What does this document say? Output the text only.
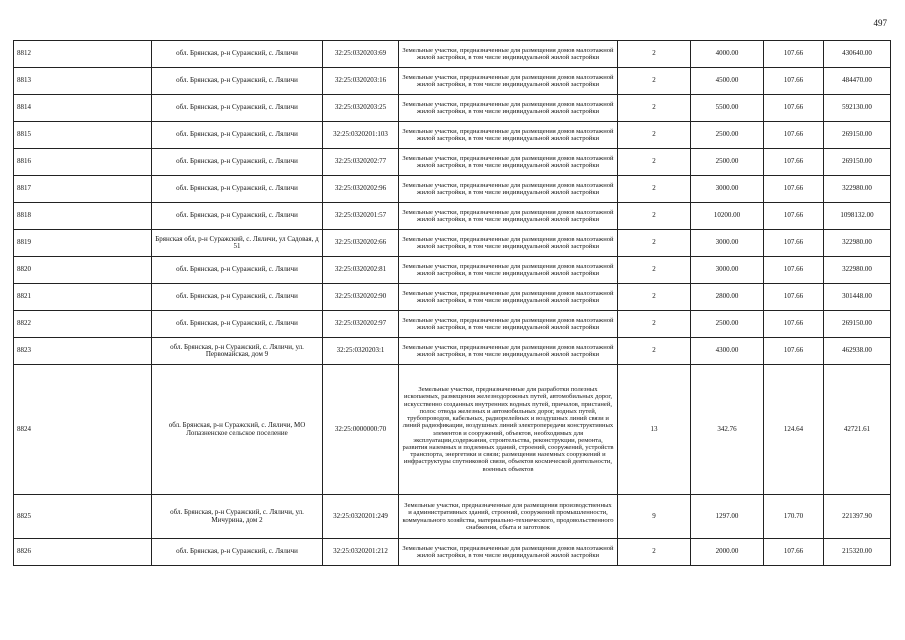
497
8812	обл. Брянская, р-н Суражский, с. Ляличи	32:25:0320203:69	Земельные участки, предназначенные для размещения домов малоэтажной жилой застройки, в том числе индивидуальной жилой застройки	2	4000.00	107.66	430640.00
8813	обл. Брянская, р-н Суражский, с. Ляличи	32:25:0320203:16	Земельные участки, предназначенные для размещения домов малоэтажной жилой застройки, в том числе индивидуальной жилой застройки	2	4500.00	107.66	484470.00
8814	обл. Брянская, р-н Суражский, с. Ляличи	32:25:0320203:25	Земельные участки, предназначенные для размещения домов малоэтажной жилой застройки, в том числе индивидуальной жилой застройки	2	5500.00	107.66	592130.00
8815	обл. Брянская, р-н Суражский, с. Ляличи	32:25:0320201:103	Земельные участки, предназначенные для размещения домов малоэтажной жилой застройки, в том числе индивидуальной жилой застройки	2	2500.00	107.66	269150.00
8816	обл. Брянская, р-н Суражский, с. Ляличи	32:25:0320202:77	Земельные участки, предназначенные для размещения домов малоэтажной жилой застройки, в том числе индивидуальной жилой застройки	2	2500.00	107.66	269150.00
8817	обл. Брянская, р-н Суражский, с. Ляличи	32:25:0320202:96	Земельные участки, предназначенные для размещения домов малоэтажной жилой застройки, в том числе индивидуальной жилой застройки	2	3000.00	107.66	322980.00
8818	обл. Брянская, р-н Суражский, с. Ляличи	32:25:0320201:57	Земельные участки, предназначенные для размещения домов малоэтажной жилой застройки, в том числе индивидуальной жилой застройки	2	10200.00	107.66	1098132.00
8819	Брянская обл, р-н Суражский, с. Ляличи, ул Садовая, д 51	32:25:0320202:66	Земельные участки, предназначенные для размещения домов малоэтажной жилой застройки, в том числе индивидуальной жилой застройки	2	3000.00	107.66	322980.00
8820	обл. Брянская, р-н Суражский, с. Ляличи	32:25:0320202:81	Земельные участки, предназначенные для размещения домов малоэтажной жилой застройки, в том числе индивидуальной жилой застройки	2	3000.00	107.66	322980.00
8821	обл. Брянская, р-н Суражский, с. Ляличи	32:25:0320202:90	Земельные участки, предназначенные для размещения домов малоэтажной жилой застройки, в том числе индивидуальной жилой застройки	2	2800.00	107.66	301448.00
8822	обл. Брянская, р-н Суражский, с. Ляличи	32:25:0320202:97	Земельные участки, предназначенные для размещения домов малоэтажной жилой застройки, в том числе индивидуальной жилой застройки	2	2500.00	107.66	269150.00
8823	обл. Брянская, р-н Суражский, с. Ляличи, ул. Первомайская, дом 9	32:25:0320203:1	Земельные участки, предназначенные для размещения домов малоэтажной жилой застройки, в том числе индивидуальной жилой застройки	2	4300.00	107.66	462938.00
8824	обл. Брянская, р-н Суражский, с. Ляличи, МО Лопазненское сельское поселение	32:25:0000000:70	Земельные участки, предназначенные для разработки полезных ископаемых, размещения железнодорожных путей, автомобильных дорог, искусственно созданных внутренних водных путей, причалов, пристаней, полос отвода железных и автомобильных дорог, водных путей, трубопроводов, кабельных, радиорелейных и воздушных линий связи и линий радиофикации, воздушных линий электропередачи конструктивных элементов и сооружений, объектов, необходимых для эксплуатации,содержания, строительства, реконструкции, ремонта, развития наземных и подземных зданий, строений, сооружений, устройств транспорта, энергетики и связи; размещения наземных сооружений и инфраструктуры спутниковой связи, объектов космической деятельности, военных объектов	13	342.76	124.64	42721.61
8825	обл. Брянская, р-н Суражский, с. Ляличи, ул. Мичурина, дом 2	32:25:0320201:249	Земельные участки, предназначенные для размещения производственных и административных зданий, строений, сооружений промышленности, коммунального хозяйства, материально-технического, продовольственного снабжения, сбыта и заготовок	9	1297.00	170.70	221397.90
8826	обл. Брянская, р-н Суражский, с. Ляличи	32:25:0320201:212	Земельные участки, предназначенные для размещения домов малоэтажной жилой застройки, в том числе индивидуальной жилой застройки	2	2000.00	107.66	215320.00
